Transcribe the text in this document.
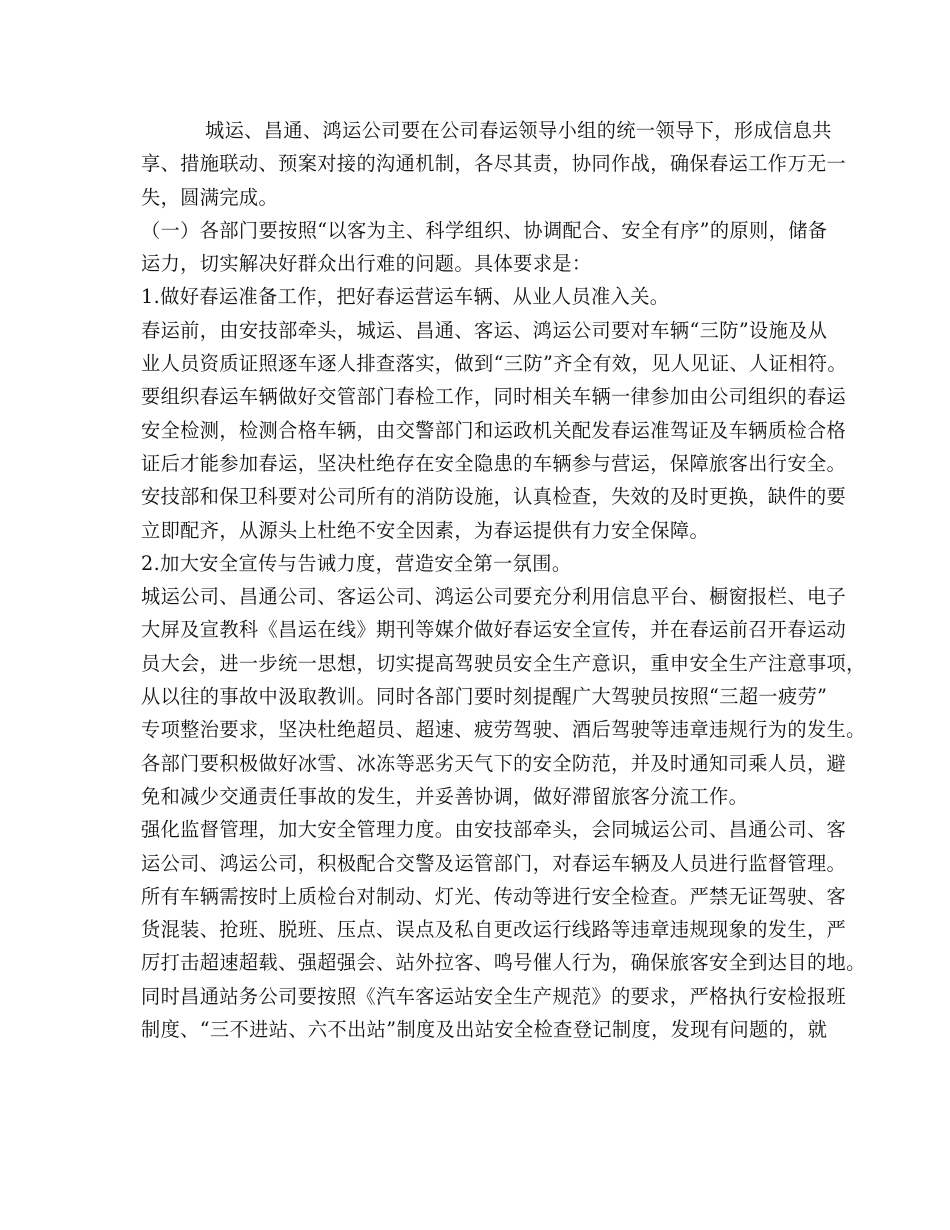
城运、昌通、鸿运公司要在公司春运领导小组的统一领导下，形成信息共
享、措施联动、预案对接的沟通机制，各尽其责，协同作战，确保春运工作万无一
失，圆满完成。
（一）各部门要按照“以客为主、科学组织、协调配合、安全有序”的原则，储备
运力，切实解决好群众出行难的问题。具体要求是：
1.做好春运准备工作，把好春运营运车辆、从业人员准入关。
春运前，由安技部牵头，城运、昌通、客运、鸿运公司要对车辆“三防”设施及从
业人员资质证照逐车逐人排查落实，做到“三防”齐全有效，见人见证、人证相符。
要组织春运车辆做好交管部门春检工作，同时相关车辆一律参加由公司组织的春运
安全检测，检测合格车辆，由交警部门和运政机关配发春运准驾证及车辆质检合格
证后才能参加春运，坚决杜绝存在安全隐患的车辆参与营运，保障旅客出行安全。
安技部和保卫科要对公司所有的消防设施，认真检查，失效的及时更换，缺件的要
立即配齐，从源头上杜绝不安全因素，为春运提供有力安全保障。
2.加大安全宣传与告诫力度，营造安全第一氛围。
城运公司、昌通公司、客运公司、鸿运公司要充分利用信息平台、橱窗报栏、电子
大屏及宣教科《昌运在线》期刊等媒介做好春运安全宣传，并在春运前召开春运动
员大会，进一步统一思想，切实提高驾驶员安全生产意识，重申安全生产注意事项，
从以往的事故中汲取教训。同时各部门要时刻提醒广大驾驶员按照“三超一疲劳”
专项整治要求，坚决杜绝超员、超速、疲劳驾驶、酒后驾驶等违章违规行为的发生。
各部门要积极做好冰雪、冰冻等恶劣天气下的安全防范，并及时通知司乘人员，避
免和减少交通责任事故的发生，并妥善协调，做好滞留旅客分流工作。
强化监督管理，加大安全管理力度。由安技部牵头，会同城运公司、昌通公司、客
运公司、鸿运公司，积极配合交警及运管部门，对春运车辆及人员进行监督管理。
所有车辆需按时上质检台对制动、灯光、传动等进行安全检查。严禁无证驾驶、客
货混装、抢班、脱班、压点、误点及私自更改运行线路等违章违规现象的发生，严
厉打击超速超载、强超强会、站外拉客、鸣号催人行为，确保旅客安全到达目的地。
同时昌通站务公司要按照《汽车客运站安全生产规范》的要求，严格执行安检报班
制度、“三不进站、六不出站”制度及出站安全检查登记制度，发现有问题的，就
